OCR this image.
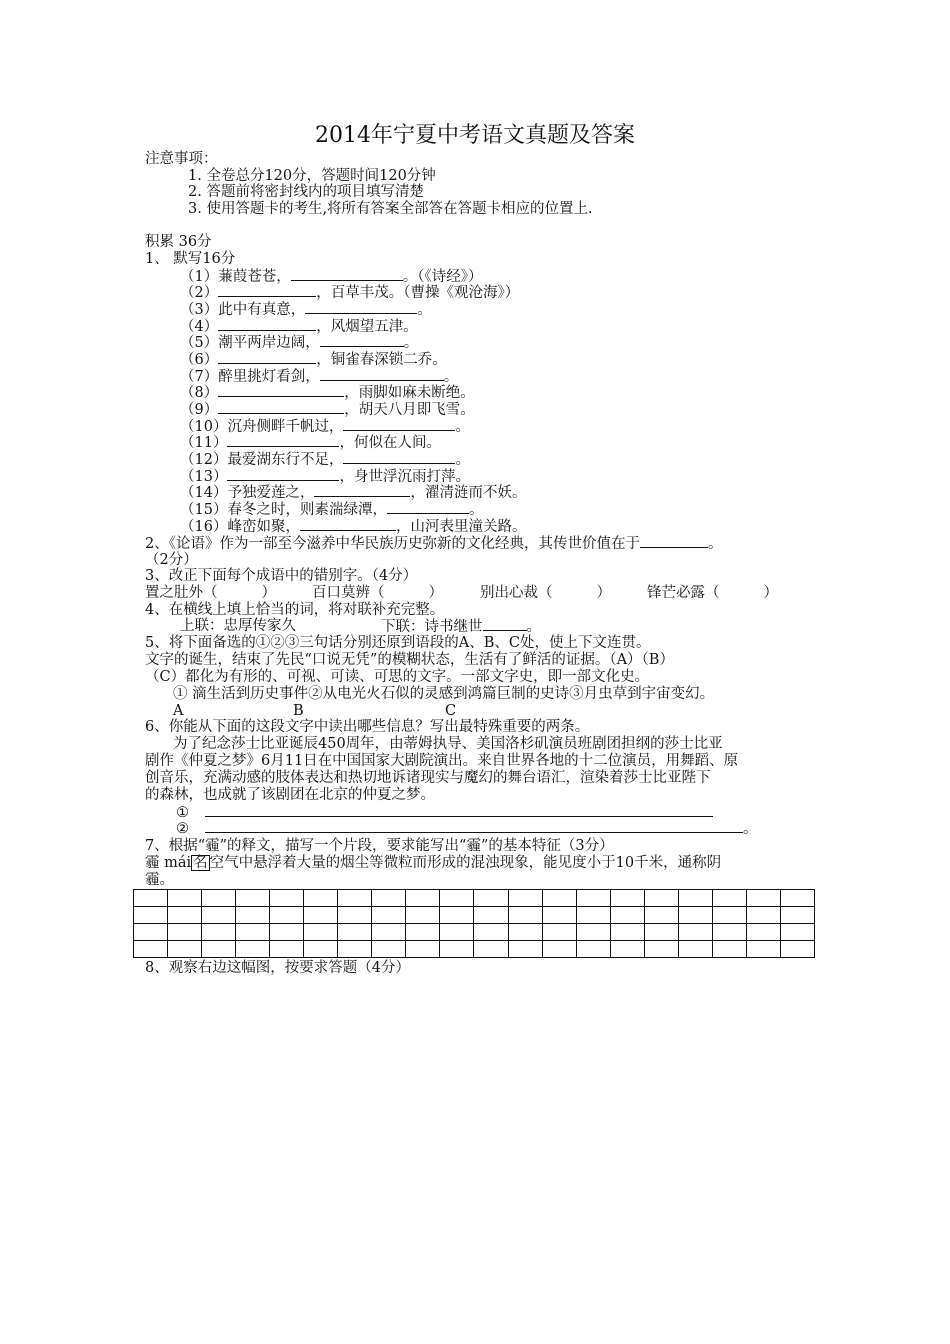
2014年宁夏中考语文真题及答案
注意事项：
1. 全卷总分120分，答题时间120分钟
2. 答题前将密封线内的项目填写清楚
3. 使用答题卡的考生,将所有答案全部答在答题卡相应的位置上.
积累 36分
1、 默写16分
（1）蒹葭苍苍，	。（《诗经》）
（2）	，百草丰茂。（曹操《观沧海》）
（3）此中有真意，	。
（4）	，风烟望五津。
（5）潮平两岸边阔，	。
（6）	，铜雀春深锁二乔。
（7）醉里挑灯看剑，	。
（8）	，雨脚如麻未断绝。
（9）	，胡天八月即飞雪。
（10）沉舟侧畔千帆过，	。
（11）	，何似在人间。
（12）最爱湖东行不足，	。
（13）	，身世浮沉雨打萍。
（14）予独爱莲之，	，濯清涟而不妖。
（15）春冬之时，则素湍绿潭，	。
（16）峰峦如聚，	，山河表里潼关路。
2、《论语》作为一部至今滋养中华民族历史弥新的文化经典，其传世价值在于	。
（2分）
3、改正下面每个成语中的错别字。（4分）
置之肚外（	） 百口莫辨（	）	别出心裁（	） 锋芒必露（	）
4、在横线上填上恰当的词，将对联补充完整。
上联：忠厚传家久	下联：诗书继世	。
5、将下面备选的①②③三句话分别还原到语段的A、B、C处，使上下文连贯。
文字的诞生，结束了先民“口说无凭”的模糊状态，生活有了鲜活的证据。（A）（B）
（C）都化为有形的、可视、可读、可思的文字。一部文字史，即一部文化史。
① 滴生活到历史事件②从电光火石似的灵感到鸿篇巨制的史诗③月虫草到宇宙变幻。
A	B	C
6、你能从下面的这段文字中读出哪些信息？写出最特殊重要的两条。
为了纪念莎士比亚诞辰450周年，由蒂姆执导、美国洛杉矶演员班剧团担纲的莎士比亚
剧作《仲夏之梦》6月11日在中国国家大剧院演出。来自世界各地的十二位演员，用舞蹈、原
创音乐，充满动感的肢体表达和热切地诉诸现实与魔幻的舞台语汇，渲染着莎士比亚陛下
的森林，也成就了该剧团在北京的仲夏之梦。
①
②	。
7、根据“霾”的释文，描写一个片段，要求能写出“霾”的基本特征（3分）
霾 mái 名 空气中悬浮着大量的烟尘等微粒而形成的混浊现象，能见度小于10千米，通称阴
霾。

8、观察右边这幅图，按要求答题（4分）
